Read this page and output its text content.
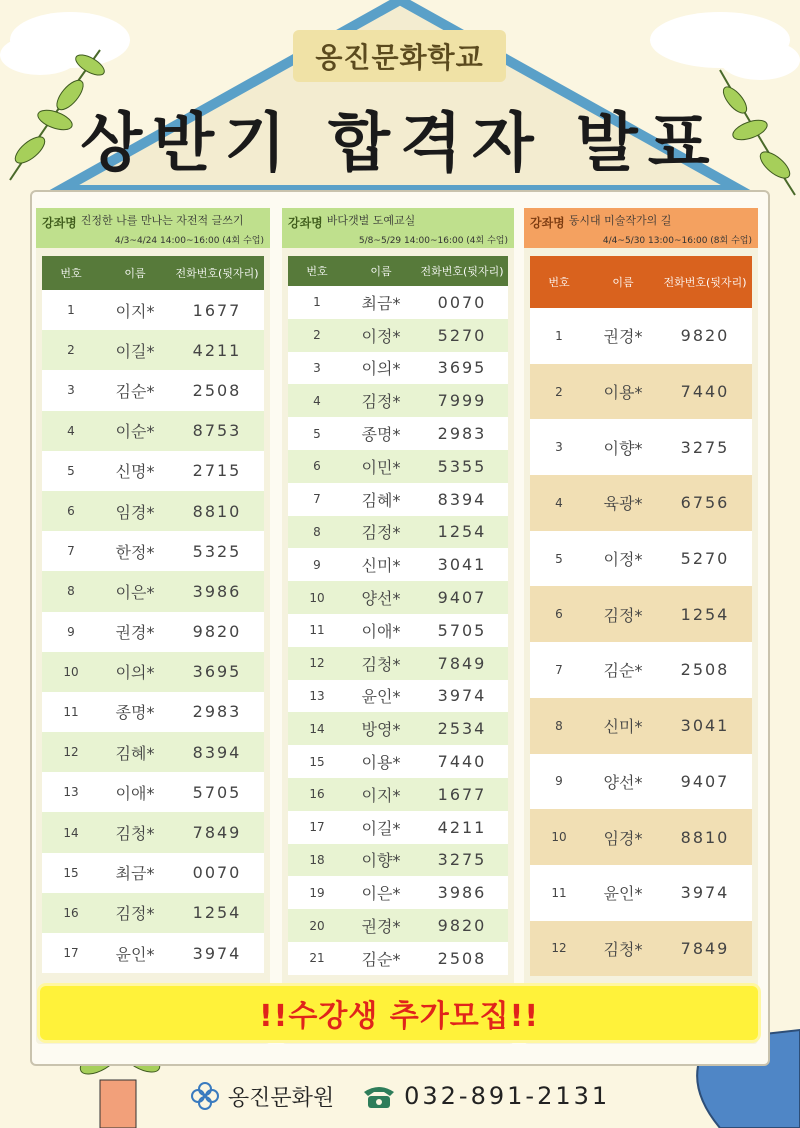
옹진문화학교
상반기 합격자 발표
강좌명 진정한 나를 만나는 자전적 글쓰기
4/3~4/24 14:00~16:00 (4회 수업)
번호	이름	전화번호(뒷자리)
1	이지*	1677
2	이길*	4211
3	김순*	2508
4	이순*	8753
5	신명*	2715
6	임경*	8810
7	한정*	5325
8	이은*	3986
9	권경*	9820
10	이의*	3695
11	종명*	2983
12	김혜*	8394
13	이애*	5705
14	김청*	7849
15	최금*	0070
16	김정*	1254
17	윤인*	3974
강좌명 바다갯벌 도예교실
5/8~5/29 14:00~16:00 (4회 수업)
번호	이름	전화번호(뒷자리)
1	최금*	0070
2	이정*	5270
3	이의*	3695
4	김정*	7999
5	종명*	2983
6	이민*	5355
7	김혜*	8394
8	김정*	1254
9	신미*	3041
10	양선*	9407
11	이애*	5705
12	김청*	7849
13	윤인*	3974
14	방영*	2534
15	이용*	7440
16	이지*	1677
17	이길*	4211
18	이향*	3275
19	이은*	3986
20	권경*	9820
21	김순*	2508
강좌명 동시대 미술작가의 길
4/4~5/30 13:00~16:00 (8회 수업)
번호	이름	전화번호(뒷자리)
1	권경*	9820
2	이용*	7440
3	이향*	3275
4	육광*	6756
5	이정*	5270
6	김정*	1254
7	김순*	2508
8	신미*	3041
9	양선*	9407
10	임경*	8810
11	윤인*	3974
12	김청*	7849
!!수강생 추가모집!!
옹진문화원	032-891-2131
